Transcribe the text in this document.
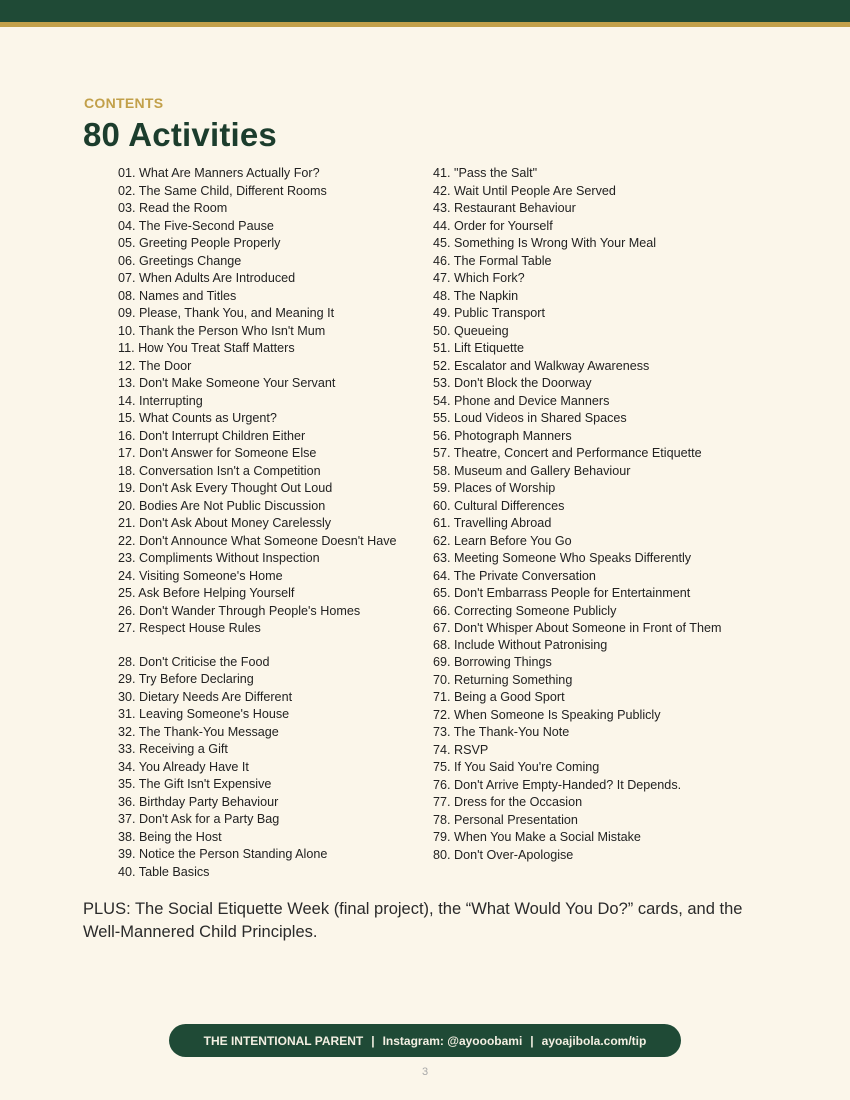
CONTENTS
80 Activities
01. What Are Manners Actually For?
02. The Same Child, Different Rooms
03. Read the Room
04. The Five-Second Pause
05. Greeting People Properly
06. Greetings Change
07. When Adults Are Introduced
08. Names and Titles
09. Please, Thank You, and Meaning It
10. Thank the Person Who Isn't Mum
11. How You Treat Staff Matters
12. The Door
13. Don't Make Someone Your Servant
14. Interrupting
15. What Counts as Urgent?
16. Don't Interrupt Children Either
17. Don't Answer for Someone Else
18. Conversation Isn't a Competition
19. Don't Ask Every Thought Out Loud
20. Bodies Are Not Public Discussion
21. Don't Ask About Money Carelessly
22. Don't Announce What Someone Doesn't Have
23. Compliments Without Inspection
24. Visiting Someone's Home
25. Ask Before Helping Yourself
26. Don't Wander Through People's Homes
27. Respect House Rules
28. Don't Criticise the Food
29. Try Before Declaring
30. Dietary Needs Are Different
31. Leaving Someone's House
32. The Thank-You Message
33. Receiving a Gift
34. You Already Have It
35. The Gift Isn't Expensive
36. Birthday Party Behaviour
37. Don't Ask for a Party Bag
38. Being the Host
39. Notice the Person Standing Alone
40. Table Basics
41. "Pass the Salt"
42. Wait Until People Are Served
43. Restaurant Behaviour
44. Order for Yourself
45. Something Is Wrong With Your Meal
46. The Formal Table
47. Which Fork?
48. The Napkin
49. Public Transport
50. Queueing
51. Lift Etiquette
52. Escalator and Walkway Awareness
53. Don't Block the Doorway
54. Phone and Device Manners
55. Loud Videos in Shared Spaces
56. Photograph Manners
57. Theatre, Concert and Performance Etiquette
58. Museum and Gallery Behaviour
59. Places of Worship
60. Cultural Differences
61. Travelling Abroad
62. Learn Before You Go
63. Meeting Someone Who Speaks Differently
64. The Private Conversation
65. Don't Embarrass People for Entertainment
66. Correcting Someone Publicly
67. Don't Whisper About Someone in Front of Them
68. Include Without Patronising
69. Borrowing Things
70. Returning Something
71. Being a Good Sport
72. When Someone Is Speaking Publicly
73. The Thank-You Note
74. RSVP
75. If You Said You're Coming
76. Don't Arrive Empty-Handed? It Depends.
77. Dress for the Occasion
78. Personal Presentation
79. When You Make a Social Mistake
80. Don't Over-Apologise
PLUS: The Social Etiquette Week (final project), the “What Would You Do?” cards, and the Well-Mannered Child Principles.
THE INTENTIONAL PARENT | Instagram: @ayooobami | ayoajibola.com/tip
3
